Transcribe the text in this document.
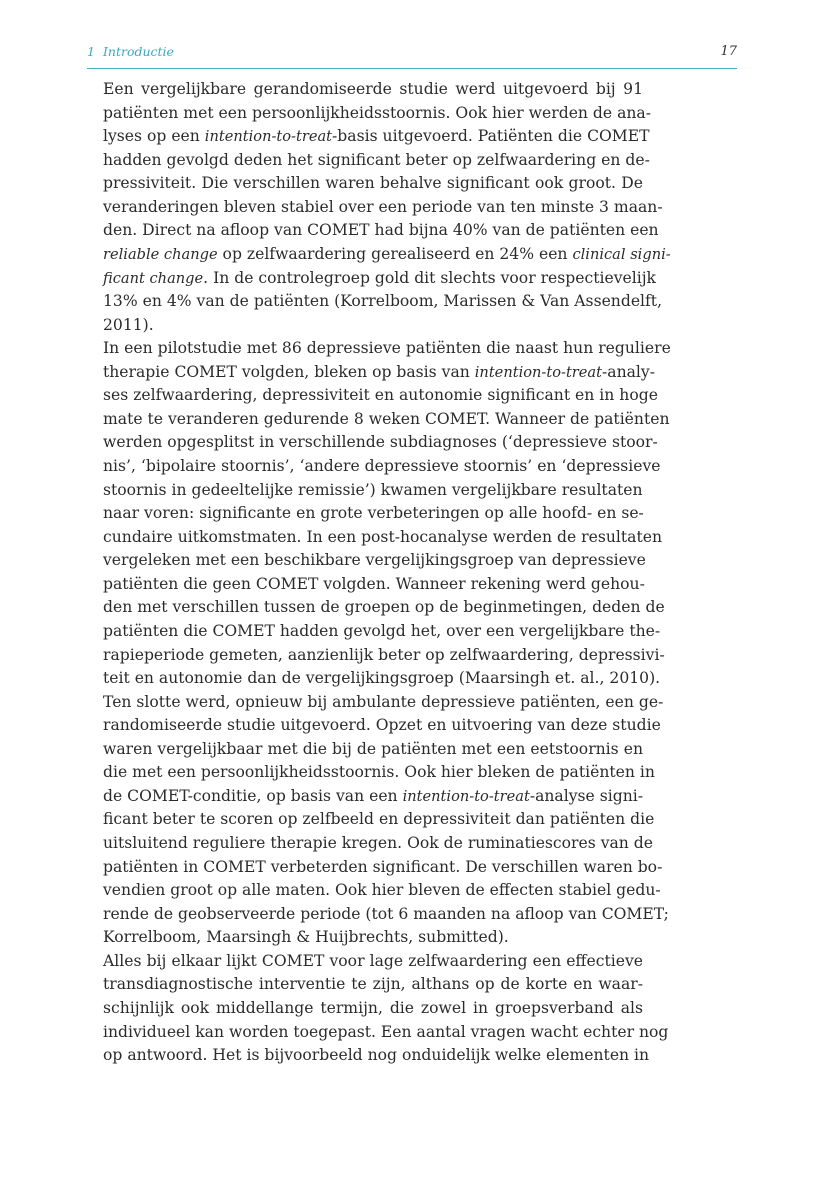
1 Introductie	17
Een vergelijkbare gerandomiseerde studie werd uitgevoerd bij 91
patiënten met een persoonlijkheidsstoornis. Ook hier werden de ana-
lyses op een intention-to-treat-basis uitgevoerd. Patiënten die COMET
hadden gevolgd deden het significant beter op zelfwaardering en de-
pressiviteit. Die verschillen waren behalve significant ook groot. De
veranderingen bleven stabiel over een periode van ten minste 3 maan-
den. Direct na afloop van COMET had bijna 40% van de patiënten een
reliable change op zelfwaardering gerealiseerd en 24% een clinical signi-
ficant change. In de controlegroep gold dit slechts voor respectievelijk
13% en 4% van de patiënten (Korrelboom, Marissen & Van Assendelft,
2011).
In een pilotstudie met 86 depressieve patiënten die naast hun reguliere
therapie COMET volgden, bleken op basis van intention-to-treat-analy-
ses zelfwaardering, depressiviteit en autonomie significant en in hoge
mate te veranderen gedurende 8 weken COMET. Wanneer de patiënten
werden opgesplitst in verschillende subdiagnoses (‘depressieve stoor-
nis’, ‘bipolaire stoornis’, ‘andere depressieve stoornis’ en ‘depressieve
stoornis in gedeeltelijke remissie’) kwamen vergelijkbare resultaten
naar voren: significante en grote verbeteringen op alle hoofd- en se-
cundaire uitkomstmaten. In een post-hocanalyse werden de resultaten
vergeleken met een beschikbare vergelijkingsgroep van depressieve
patiënten die geen COMET volgden. Wanneer rekening werd gehou-
den met verschillen tussen de groepen op de beginmetingen, deden de
patiënten die COMET hadden gevolgd het, over een vergelijkbare the-
rapieperiode gemeten, aanzienlijk beter op zelfwaardering, depressivi-
teit en autonomie dan de vergelijkingsgroep (Maarsingh et. al., 2010).
Ten slotte werd, opnieuw bij ambulante depressieve patiënten, een ge-
randomiseerde studie uitgevoerd. Opzet en uitvoering van deze studie
waren vergelijkbaar met die bij de patiënten met een eetstoornis en
die met een persoonlijkheidsstoornis. Ook hier bleken de patiënten in
de COMET-conditie, op basis van een intention-to-treat-analyse signi-
ficant beter te scoren op zelfbeeld en depressiviteit dan patiënten die
uitsluitend reguliere therapie kregen. Ook de ruminatiescores van de
patiënten in COMET verbeterden significant. De verschillen waren bo-
vendien groot op alle maten. Ook hier bleven de effecten stabiel gedu-
rende de geobserveerde periode (tot 6 maanden na afloop van COMET;
Korrelboom, Maarsingh & Huijbrechts, submitted).
Alles bij elkaar lijkt COMET voor lage zelfwaardering een effectieve
transdiagnostische interventie te zijn, althans op de korte en waar-
schijnlijk ook middellange termijn, die zowel in groepsverband als
individueel kan worden toegepast. Een aantal vragen wacht echter nog
op antwoord. Het is bijvoorbeeld nog onduidelijk welke elementen in
